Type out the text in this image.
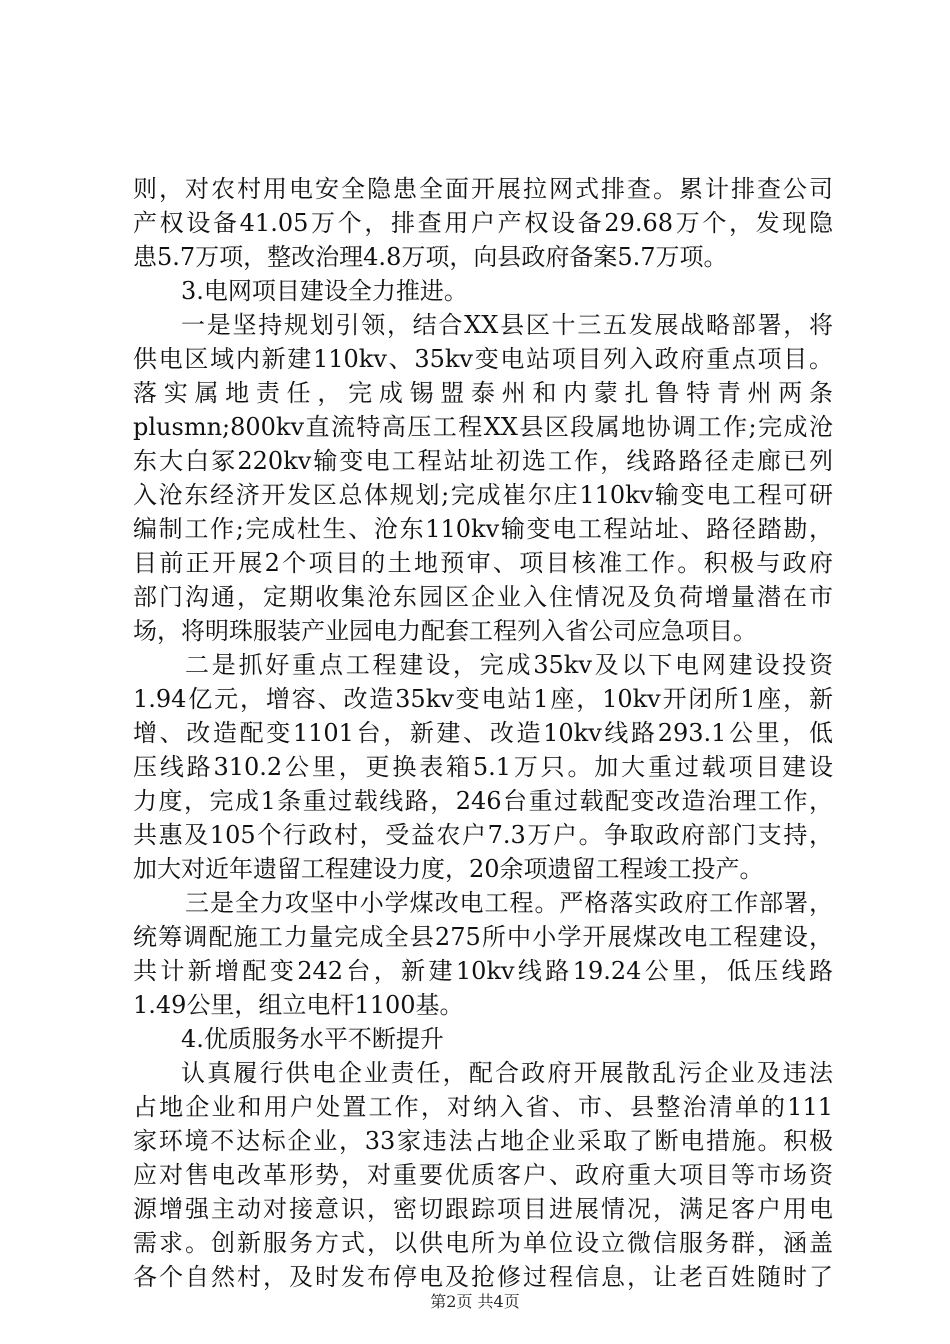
则，对农村用电安全隐患全面开展拉网式排查。累计排查公司
产权设备41.05万个，排查用户产权设备29.68万个，发现隐
患5.7万项，整改治理4.8万项，向县政府备案5.7万项。
3.电网项目建设全力推进。
一是坚持规划引领，结合XX县区十三五发展战略部署，将
供电区域内新建110kv、35kv变电站项目列入政府重点项目。
落实属地责任，完成锡盟泰州和内蒙扎鲁特青州两条
plusmn;800kv直流特高压工程XX县区段属地协调工作;完成沧
东大白冢220kv输变电工程站址初选工作，线路路径走廊已列
入沧东经济开发区总体规划;完成崔尔庄110kv输变电工程可研
编制工作;完成杜生、沧东110kv输变电工程站址、路径踏勘，
目前正开展2个项目的土地预审、项目核准工作。积极与政府
部门沟通，定期收集沧东园区企业入住情况及负荷增量潜在市
场，将明珠服装产业园电力配套工程列入省公司应急项目。
二是抓好重点工程建设，完成35kv及以下电网建设投资
1.94亿元，增容、改造35kv变电站1座，10kv开闭所1座，新
增、改造配变1101台，新建、改造10kv线路293.1公里，低
压线路310.2公里，更换表箱5.1万只。加大重过载项目建设
力度，完成1条重过载线路，246台重过载配变改造治理工作，
共惠及105个行政村，受益农户7.3万户。争取政府部门支持，
加大对近年遗留工程建设力度，20余项遗留工程竣工投产。
三是全力攻坚中小学煤改电工程。严格落实政府工作部署，
统筹调配施工力量完成全县275所中小学开展煤改电工程建设，
共计新增配变242台，新建10kv线路19.24公里，低压线路
1.49公里，组立电杆1100基。
4.优质服务水平不断提升
认真履行供电企业责任，配合政府开展散乱污企业及违法
占地企业和用户处置工作，对纳入省、市、县整治清单的111
家环境不达标企业，33家违法占地企业采取了断电措施。积极
应对售电改革形势，对重要优质客户、政府重大项目等市场资
源增强主动对接意识，密切跟踪项目进展情况，满足客户用电
需求。创新服务方式，以供电所为单位设立微信服务群，涵盖
各个自然村，及时发布停电及抢修过程信息，让老百姓随时了
第2页 共4页
